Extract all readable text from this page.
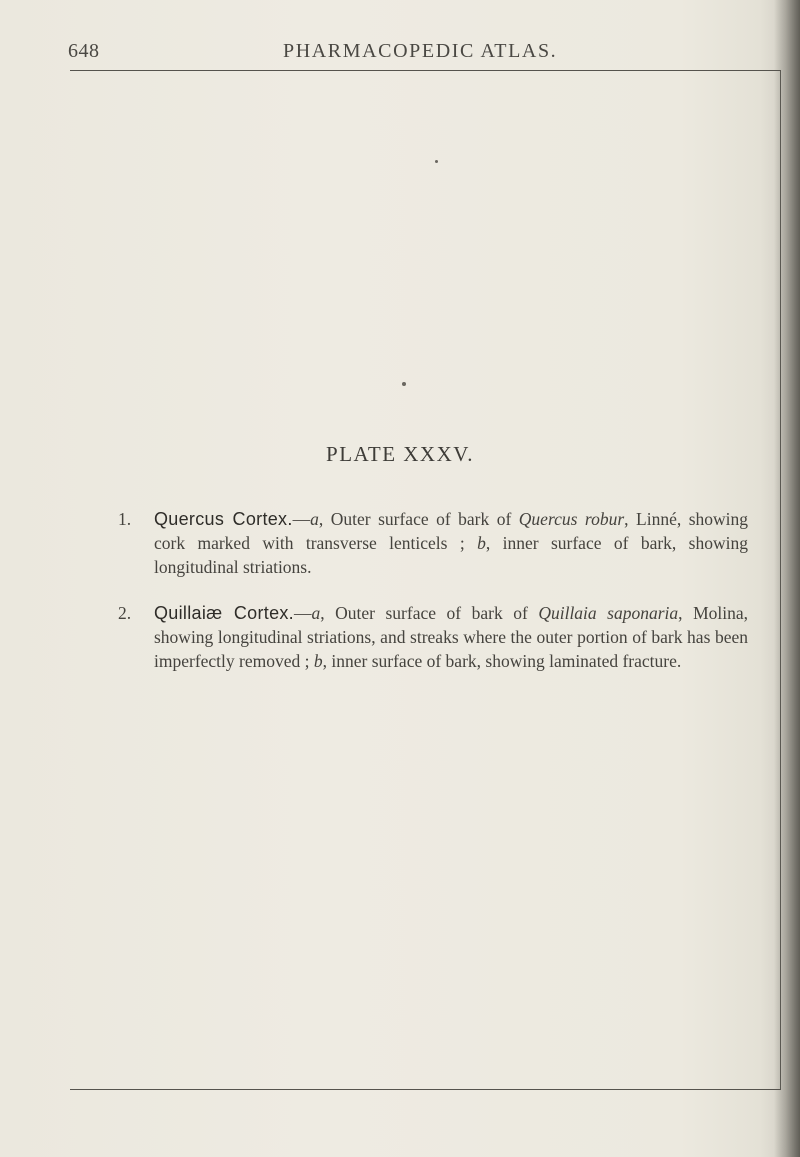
648	PHARMACOPEDIC ATLAS.
PLATE XXXV.
1.	Quercus Cortex.—a, Outer surface of bark of Quercus robur, Linné, showing cork marked with transverse lenticels ; b, inner surface of bark, showing longitudinal striations.
2.	Quillaiæ Cortex.—a, Outer surface of bark of Quillaia saponaria, Molina, showing longitudinal striations, and streaks where the outer portion of bark has been imperfectly removed ; b, inner surface of bark, showing laminated fracture.
